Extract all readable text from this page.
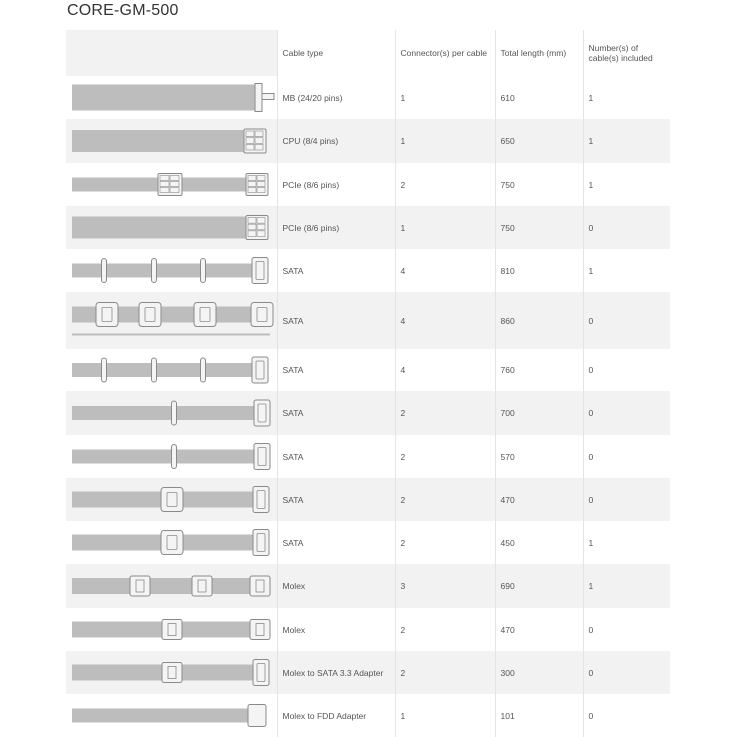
CORE-GM-500
	Cable type	Connector(s) per cable	Total length (mm)	Number(s) of cable(s) included

	MB (24/20 pins)	1	610	1

	CPU (8/4 pins)	1	650	1

	PCIe (8/6 pins)	2	750	1

	PCIe (8/6 pins)	1	750	0

	SATA	4	810	1

	SATA	4	860	0

	SATA	4	760	0

	SATA	2	700	0

	SATA	2	570	0

	SATA	2	470	0

	SATA	2	450	1

	Molex	3	690	1

	Molex	2	470	0

	Molex to SATA 3.3 Adapter	2	300	0

	Molex to FDD Adapter	1	101	0
